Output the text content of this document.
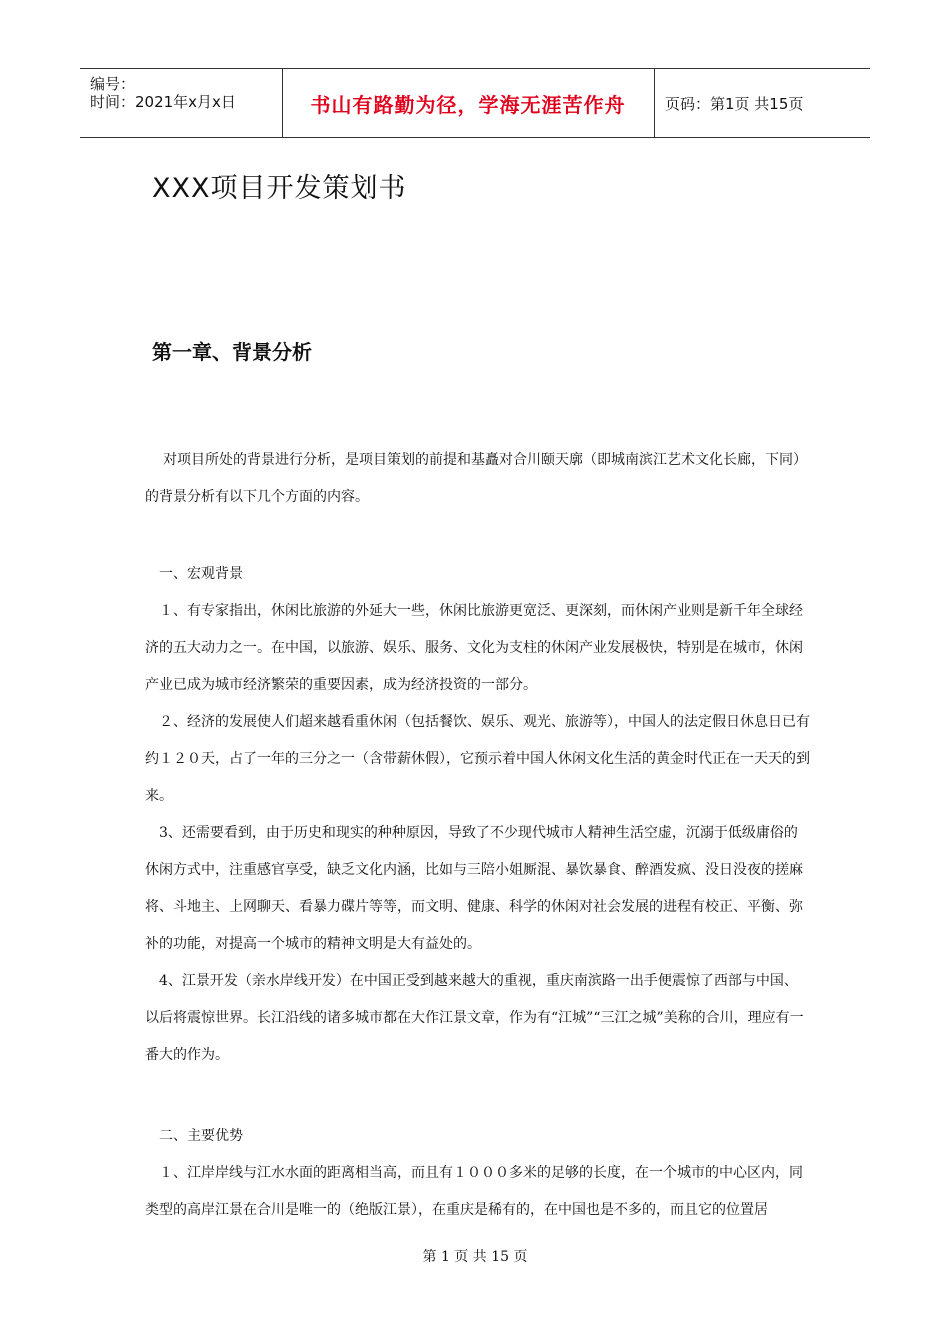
编号：
时间：2021年x月x日	书山有路勤为径，学海无涯苦作舟	页码：第1页 共15页
XXX项目开发策划书
第一章、背景分析

对项目所处的背景进行分析，是项目策划的前提和基矗对合川颐天廓（即城南滨江艺术文化长廊，下同）的背景分析有以下几个方面的内容。

一、宏观背景

１、有专家指出，休闲比旅游的外延大一些，休闲比旅游更宽泛、更深刻，而休闲产业则是新千年全球经济的五大动力之一。在中国，以旅游、娱乐、服务、文化为支柱的休闲产业发展极快，特别是在城市，休闲产业已成为城市经济繁荣的重要因素，成为经济投资的一部分。

２、经济的发展使人们超来越看重休闲（包括餐饮、娱乐、观光、旅游等），中国人的法定假日休息日已有约１２０天，占了一年的三分之一（含带薪休假），它预示着中国人休闲文化生活的黄金时代正在一天天的到来。

3、还需要看到，由于历史和现实的种种原因，导致了不少现代城市人精神生活空虚，沉溺于低级庸俗的休闲方式中，注重感官享受，缺乏文化内涵，比如与三陪小姐厮混、暴饮暴食、醉酒发疯、没日没夜的搓麻将、斗地主、上网聊天、看暴力碟片等等，而文明、健康、科学的休闲对社会发展的进程有校正、平衡、弥补的功能，对提高一个城市的精神文明是大有益处的。

4、江景开发（亲水岸线开发）在中国正受到越来越大的重视，重庆南滨路一出手便震惊了西部与中国、以后将震惊世界。长江沿线的诸多城市都在大作江景文章，作为有“江城”“三江之城”美称的合川，理应有一番大的作为。

二、主要优势

１、江岸岸线与江水水面的距离相当高，而且有１０００多米的足够的长度，在一个城市的中心区内，同类型的高岸江景在合川是唯一的（绝版江景），在重庆是稀有的，在中国也是不多的，而且它的位置居

第 1 页 共 15 页
